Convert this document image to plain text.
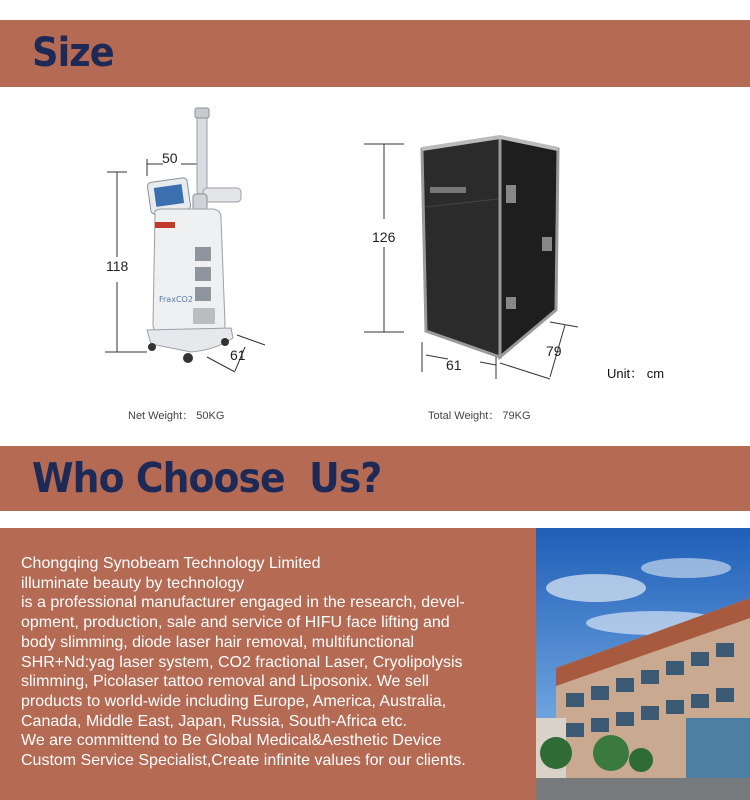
Size
FraxCO2
50
118
61
Net Weight： 50KG
126
61
79
Total Weight： 79KG
Unit： cm
Who Choose  Us?
Chongqing Synobeam Technology Limited
illuminate beauty by technology
is a professional manufacturer engaged in the research, devel-
opment, production, sale and service of HIFU face lifting and
body slimming, diode laser hair removal, multifunctional
SHR+Nd:yag laser system, CO2 fractional Laser, Cryolipolysis
slimming, Picolaser tattoo removal and Liposonix. We sell
products to world-wide including Europe, America, Australia,
Canada, Middle East, Japan, Russia, South-Africa etc.
We are committend to Be Global Medical&Aesthetic Device
Custom Service Specialist,Create infinite values for our clients.
